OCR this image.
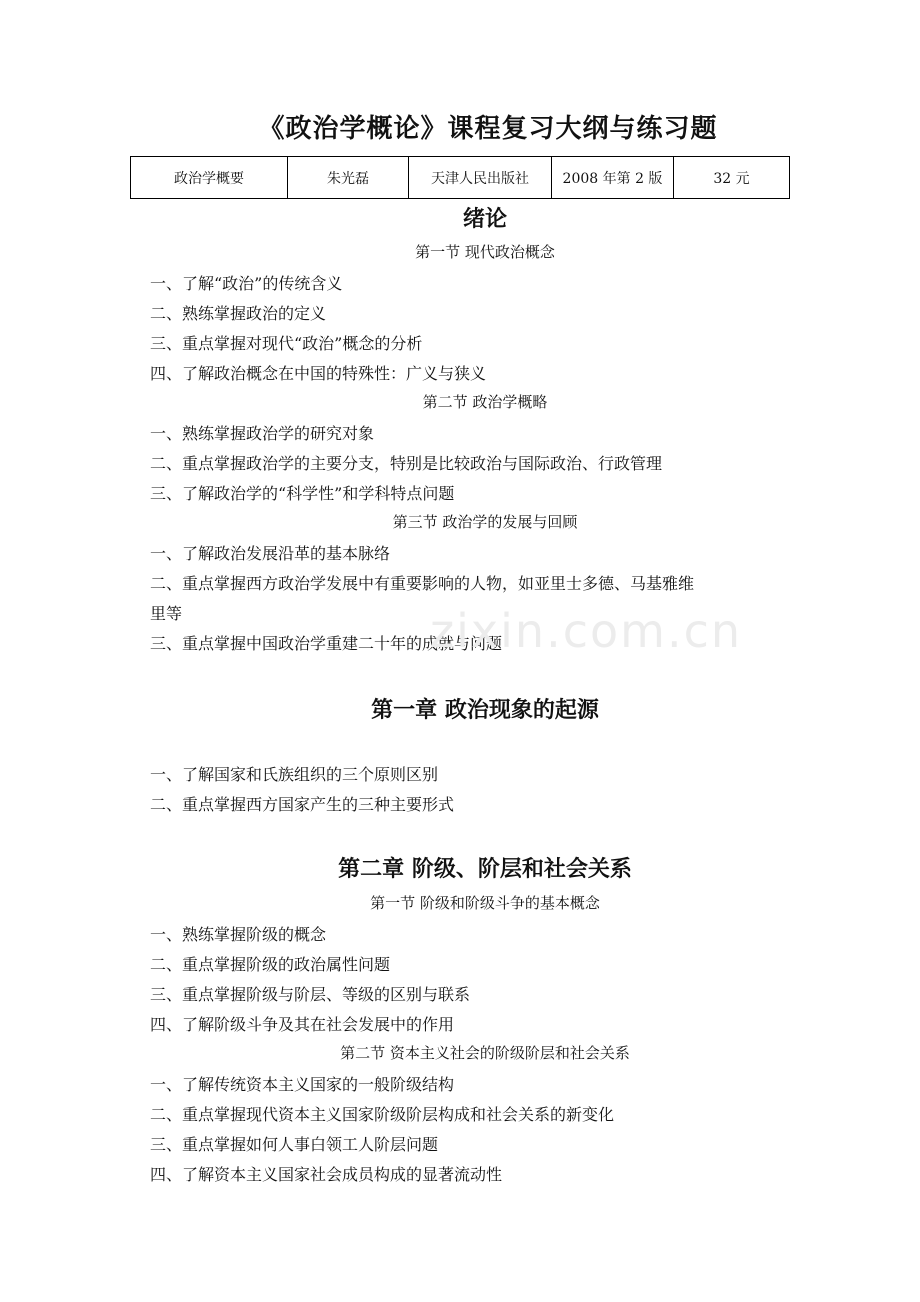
《政治学概论》课程复习大纲与练习题
政治学概要	朱光磊	天津人民出版社	2008 年第 2 版	32 元
绪论
第一节 现代政治概念
一、了解“政治”的传统含义
二、熟练掌握政治的定义
三、重点掌握对现代“政治”概念的分析
四、了解政治概念在中国的特殊性：广义与狭义
第二节 政治学概略
一、熟练掌握政治学的研究对象
二、重点掌握政治学的主要分支，特别是比较政治与国际政治、行政管理
三、了解政治学的“科学性”和学科特点问题
第三节 政治学的发展与回顾
一、了解政治发展沿革的基本脉络
二、重点掌握西方政治学发展中有重要影响的人物，如亚里士多德、马基雅维
里等
三、重点掌握中国政治学重建二十年的成就与问题
zixin.com.cn
第一章 政治现象的起源
一、了解国家和氏族组织的三个原则区别
二、重点掌握西方国家产生的三种主要形式
第二章 阶级、阶层和社会关系
第一节 阶级和阶级斗争的基本概念
一、熟练掌握阶级的概念
二、重点掌握阶级的政治属性问题
三、重点掌握阶级与阶层、等级的区别与联系
四、了解阶级斗争及其在社会发展中的作用
第二节 资本主义社会的阶级阶层和社会关系
一、了解传统资本主义国家的一般阶级结构
二、重点掌握现代资本主义国家阶级阶层构成和社会关系的新变化
三、重点掌握如何人事白领工人阶层问题
四、了解资本主义国家社会成员构成的显著流动性
